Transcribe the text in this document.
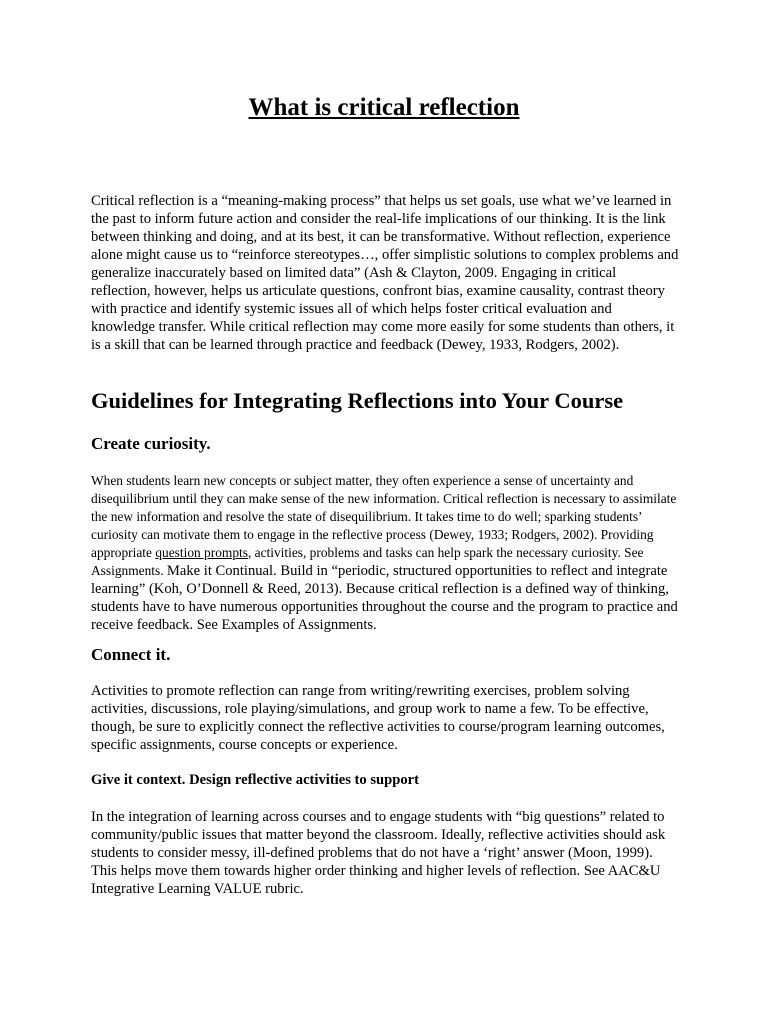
What is critical reflection

Critical reflection is a “meaning-making process” that helps us set goals, use what we’ve learned in the past to inform future action and consider the real-life implications of our thinking. It is the link between thinking and doing, and at its best, it can be transformative. Without reflection, experience alone might cause us to “reinforce stereotypes…, offer simplistic solutions to complex problems and generalize inaccurately based on limited data” (Ash & Clayton, 2009. Engaging in critical reflection, however, helps us articulate questions, confront bias, examine causality, contrast theory with practice and identify systemic issues all of which helps foster critical evaluation and knowledge transfer. While critical reflection may come more easily for some students than others, it is a skill that can be learned through practice and feedback (Dewey, 1933, Rodgers, 2002).

Guidelines for Integrating Reflections into Your Course
Create curiosity.

When students learn new concepts or subject matter, they often experience a sense of uncertainty and disequilibrium until they can make sense of the new information. Critical reflection is necessary to assimilate the new information and resolve the state of disequilibrium. It takes time to do well; sparking students’ curiosity can motivate them to engage in the reflective process (Dewey, 1933; Rodgers, 2002). Providing appropriate question prompts, activities, problems and tasks can help spark the necessary curiosity. See Assignments. Make it Continual. Build in “periodic, structured opportunities to reflect and integrate learning” (Koh, O’Donnell & Reed, 2013). Because critical reflection is a defined way of thinking, students have to have numerous opportunities throughout the course and the program to practice and receive feedback. See Examples of Assignments.

Connect it.

Activities to promote reflection can range from writing/rewriting exercises, problem solving activities, discussions, role playing/simulations, and group work to name a few. To be effective, though, be sure to explicitly connect the reflective activities to course/program learning outcomes, specific assignments, course concepts or experience.

Give it context. Design reflective activities to support

In the integration of learning across courses and to engage students with “big questions” related to community/public issues that matter beyond the classroom. Ideally, reflective activities should ask students to consider messy, ill-defined problems that do not have a ‘right’ answer (Moon, 1999). This helps move them towards higher order thinking and higher levels of reflection. See AAC&U Integrative Learning VALUE rubric.
